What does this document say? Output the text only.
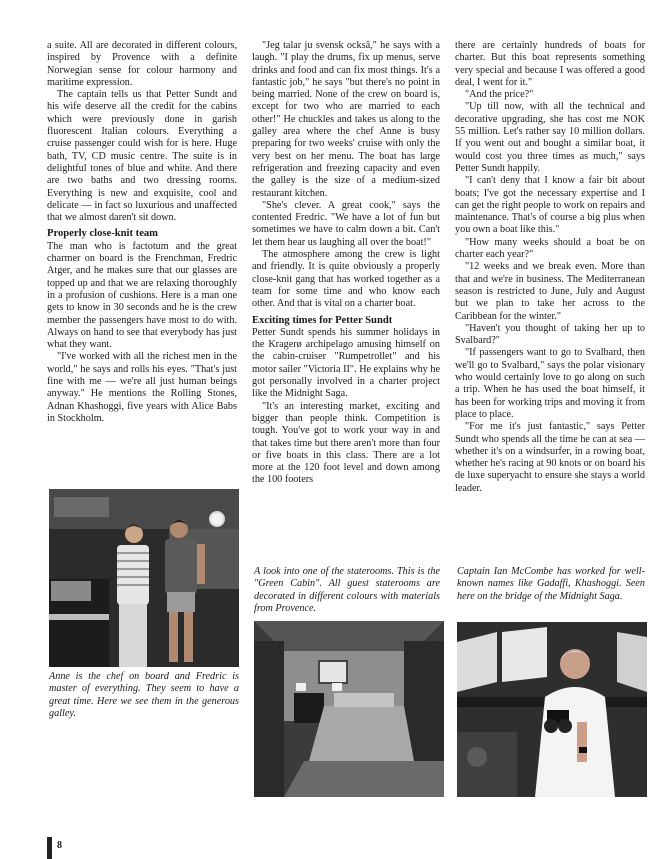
a suite. All are decorated in different colours, inspired by Provence with a definite Norwegian sense for colour harmony and maritime expression.

The captain tells us that Petter Sundt and his wife deserve all the credit for the cabins which were previously done in garish fluorescent Italian colours. Everything a cruise passenger could wish for is here. Huge bath, TV, CD music centre. The suite is in delightful tones of blue and white. And there are two baths and two dressing rooms. Everything is new and exquisite, cool and delicate — in fact so luxurious and unaffected that we almost daren't sit down.

Properly close-knit team

The man who is factotum and the great charmer on board is the Frenchman, Fredric Atger, and he makes sure that our glasses are topped up and that we are relaxing thoroughly in a profusion of cushions. Here is a man one gets to know in 30 seconds and he is the crew member the passengers have most to do with. Always on hand to see that everybody has just what they want.

"I've worked with all the richest men in the world," he says and rolls his eyes. "That's just fine with me — we're all just human beings anyway." He mentions the Rolling Stones, Adnan Khashoggi, five years with Alice Babs in Stockholm.

"Jeg talar ju svensk ocksâ," he says with a laugh. "I play the drums, fix up menus, serve drinks and food and can fix most things. It's a fantastic job," he says "but there's no point in being married. None of the crew on board is, except for two who are married to each other!" He chuckles and takes us along to the galley area where the chef Anne is busy preparing for two weeks' cruise with only the very best on her menu. The boat has large refrigeration and freezing capacity and even the galley is the size of a medium-sized restaurant kitchen.

"She's clever. A great cook," says the contented Fredric. "We have a lot of fun but sometimes we have to calm down a bit. Can't let them hear us laughing all over the boat!"

The atmosphere among the crew is light and friendly. It is quite obviously a properly close-knit gang that has worked together as a team for some time and who know each other. And that is vital on a charter boat.

Exciting times for Petter Sundt

Petter Sundt spends his summer holidays in the Kragerø archipelago amusing himself on the cabin-cruiser "Rumpetrollet" and his motor sailer "Victoria II". He explains why he got personally involved in a charter project like the Midnight Saga.

"It's an interesting market, exciting and bigger than people think. Competition is tough. You've got to work your way in and that takes time but there aren't more than four or five boats in this class. There are a lot more at the 120 foot level and down among the 100 footers

there are certainly hundreds of boats for charter. But this boat represents something very special and because I was offered a good deal, I went for it."

"And the price?"

"Up till now, with all the technical and decorative upgrading, she has cost me NOK 55 million. Let's rather say 10 million dollars. If you went out and bought a similar boat, it would cost you three times as much," says Petter Sundt happily.

"I can't deny that I know a fair bit about boats; I've got the necessary expertise and I can get the right people to work on repairs and maintenance. That's of course a big plus when you own a boat like this."

"How many weeks should a boat be on charter each year?"

"12 weeks and we break even. More than that and we're in business. The Mediterranean season is restricted to June, July and August but we plan to take her across to the Caribbean for the winter."

"Haven't you thought of taking her up to Svalbard?"

"If passengers want to go to Svalbard, then we'll go to Svalbard," says the polar visionary who would certainly love to go along on such a trip. When he has used the boat himself, it has been for working trips and moving it from place to place.

"For me it's just fantastic," says Petter Sundt who spends all the time he can at sea — whether it's on a windsurfer, in a rowing boat, whether he's racing at 90 knots or on board his de luxe superyacht to ensure she stays a world leader.

Anne is the chef on board and Fredric is master of everything. They seem to have a great time. Here we see them in the generous galley.
A look into one of the staterooms. This is the "Green Cabin". All guest staterooms are decorated in different colours with materials from Provence.
Captain Ian McCombe has worked for well-known names like Gadaffi, Khashoggi. Seen here on the bridge of the Midnight Saga.
8
